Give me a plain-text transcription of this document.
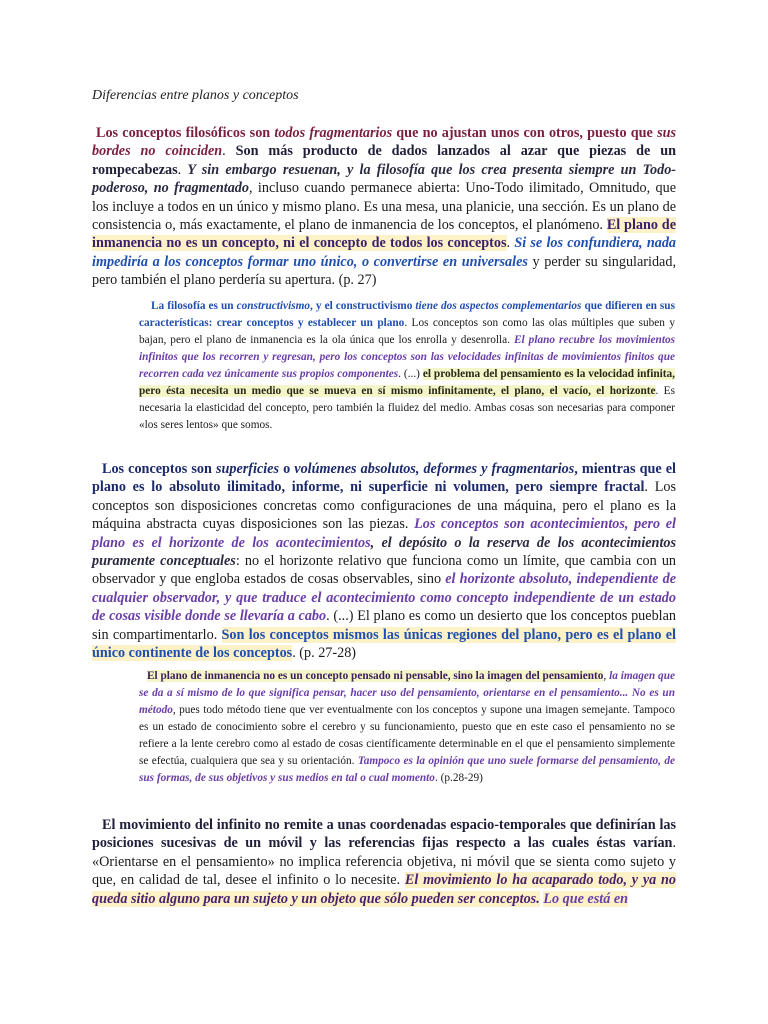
Diferencias entre planos y conceptos

Los conceptos filosóficos son todos fragmentarios que no ajustan unos con otros, puesto que sus bordes no coinciden. Son más producto de dados lanzados al azar que piezas de un rompecabezas. Y sin embargo resuenan, y la filosofía que los crea presenta siempre un Todo-poderoso, no fragmentado, incluso cuando permanece abierta: Uno-Todo ilimitado, Omnitudo, que los incluye a todos en un único y mismo plano. Es una mesa, una planicie, una sección. Es un plano de consistencia o, más exactamente, el plano de inmanencia de los conceptos, el planómeno. El plano de inmanencia no es un concepto, ni el concepto de todos los conceptos. Si se los confundiera, nada impediría a los conceptos formar uno único, o convertirse en universales y perder su singularidad, pero también el plano perdería su apertura. (p. 27)

La filosofía es un constructivismo, y el constructivismo tiene dos aspectos complementarios que difieren en sus características: crear conceptos y establecer un plano. Los conceptos son como las olas múltiples que suben y bajan, pero el plano de inmanencia es la ola única que los enrolla y desenrolla. El plano recubre los movimientos infinitos que los recorren y regresan, pero los conceptos son las velocidades infinitas de movimientos finitos que recorren cada vez únicamente sus propios componentes. (...) el problema del pensamiento es la velocidad infinita, pero ésta necesita un medio que se mueva en sí mismo infinitamente, el plano, el vacío, el horizonte. Es necesaria la elasticidad del concepto, pero también la fluidez del medio. Ambas cosas son necesarias para componer «los seres lentos» que somos.

Los conceptos son superficies o volúmenes absolutos, deformes y fragmentarios, mientras que el plano es lo absoluto ilimitado, informe, ni superficie ni volumen, pero siempre fractal. Los conceptos son disposiciones concretas como configuraciones de una máquina, pero el plano es la máquina abstracta cuyas disposiciones son las piezas. Los conceptos son acontecimientos, pero el plano es el horizonte de los acontecimientos, el depósito o la reserva de los acontecimientos puramente conceptuales: no el horizonte relativo que funciona como un límite, que cambia con un observador y que engloba estados de cosas observables, sino el horizonte absoluto, independiente de cualquier observador, y que traduce el acontecimiento como concepto independiente de un estado de cosas visible donde se llevaría a cabo. (...) El plano es como un desierto que los conceptos pueblan sin compartimentarlo. Son los conceptos mismos las únicas regiones del plano, pero es el plano el único continente de los conceptos. (p. 27-28)

El plano de inmanencia no es un concepto pensado ni pensable, sino la imagen del pensamiento, la imagen que se da a sí mismo de lo que significa pensar, hacer uso del pensamiento, orientarse en el pensamiento... No es un método, pues todo método tiene que ver eventualmente con los conceptos y supone una imagen semejante. Tampoco es un estado de conocimiento sobre el cerebro y su funcionamiento, puesto que en este caso el pensamiento no se refiere a la lente cerebro como al estado de cosas científicamente determinable en el que el pensamiento simplemente se efectúa, cualquiera que sea y su orientación. Tampoco es la opinión que uno suele formarse del pensamiento, de sus formas, de sus objetivos y sus medios en tal o cual momento. (p.28-29)

El movimiento del infinito no remite a unas coordenadas espacio-temporales que definirían las posiciones sucesivas de un móvil y las referencias fijas respecto a las cuales éstas varían. «Orientarse en el pensamiento» no implica referencia objetiva, ni móvil que se sienta como sujeto y que, en calidad de tal, desee el infinito o lo necesite. El movimiento lo ha acaparado todo, y ya no queda sitio alguno para un sujeto y un objeto que sólo pueden ser conceptos. Lo que está en
